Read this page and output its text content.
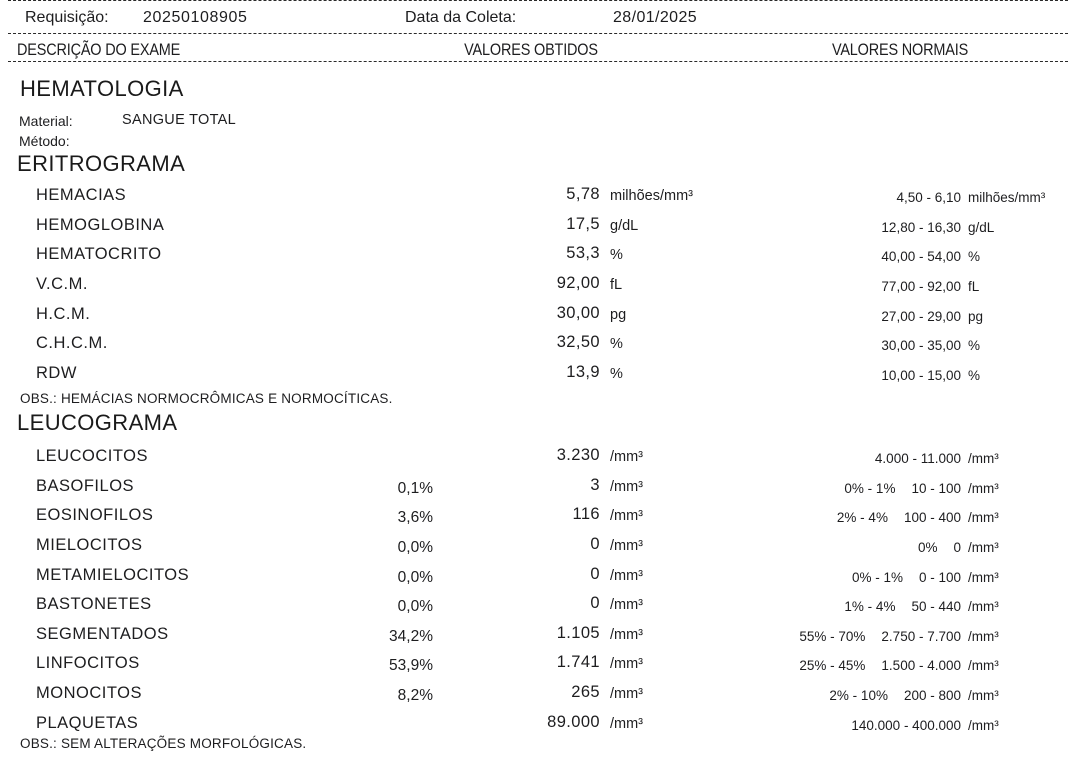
Requisição: 20250108905	Data da Coleta:	28/01/2025
DESCRIÇÃO DO EXAME	VALORES OBTIDOS	VALORES NORMAIS
HEMATOLOGIA
Material:	SANGUE TOTAL
Método:
ERITROGRAMA
HEMACIAS	5,78 milhões/mm³	4,50 - 6,10 milhões/mm³
HEMOGLOBINA	17,5 g/dL	12,80 - 16,30 g/dL
HEMATOCRITO	53,3 %	40,00 - 54,00 %
V.C.M.	92,00 fL	77,00 - 92,00 fL
H.C.M.	30,00 pg	27,00 - 29,00 pg
C.H.C.M.	32,50 %	30,00 - 35,00 %
RDW	13,9 %	10,00 - 15,00 %
OBS.: HEMÁCIAS NORMOCRÔMICAS E NORMOCÍTICAS.
LEUCOGRAMA
LEUCOCITOS	3.230 /mm³	4.000 - 11.000 /mm³
BASOFILOS	0,1%	3 /mm³	0% - 1% 10 - 100 /mm³
EOSINOFILOS	3,6%	116 /mm³	2% - 4% 100 - 400 /mm³
MIELOCITOS	0,0%	0 /mm³	0% 0 /mm³
METAMIELOCITOS	0,0%	0 /mm³	0% - 1% 0 - 100 /mm³
BASTONETES	0,0%	0 /mm³	1% - 4% 50 - 440 /mm³
SEGMENTADOS	34,2%	1.105 /mm³	55% - 70% 2.750 - 7.700 /mm³
LINFOCITOS	53,9%	1.741 /mm³	25% - 45% 1.500 - 4.000 /mm³
MONOCITOS	8,2%	265 /mm³	2% - 10% 200 - 800 /mm³
PLAQUETAS	89.000 /mm³	140.000 - 400.000 /mm³
OBS.: SEM ALTERAÇÕES MORFOLÓGICAS.
